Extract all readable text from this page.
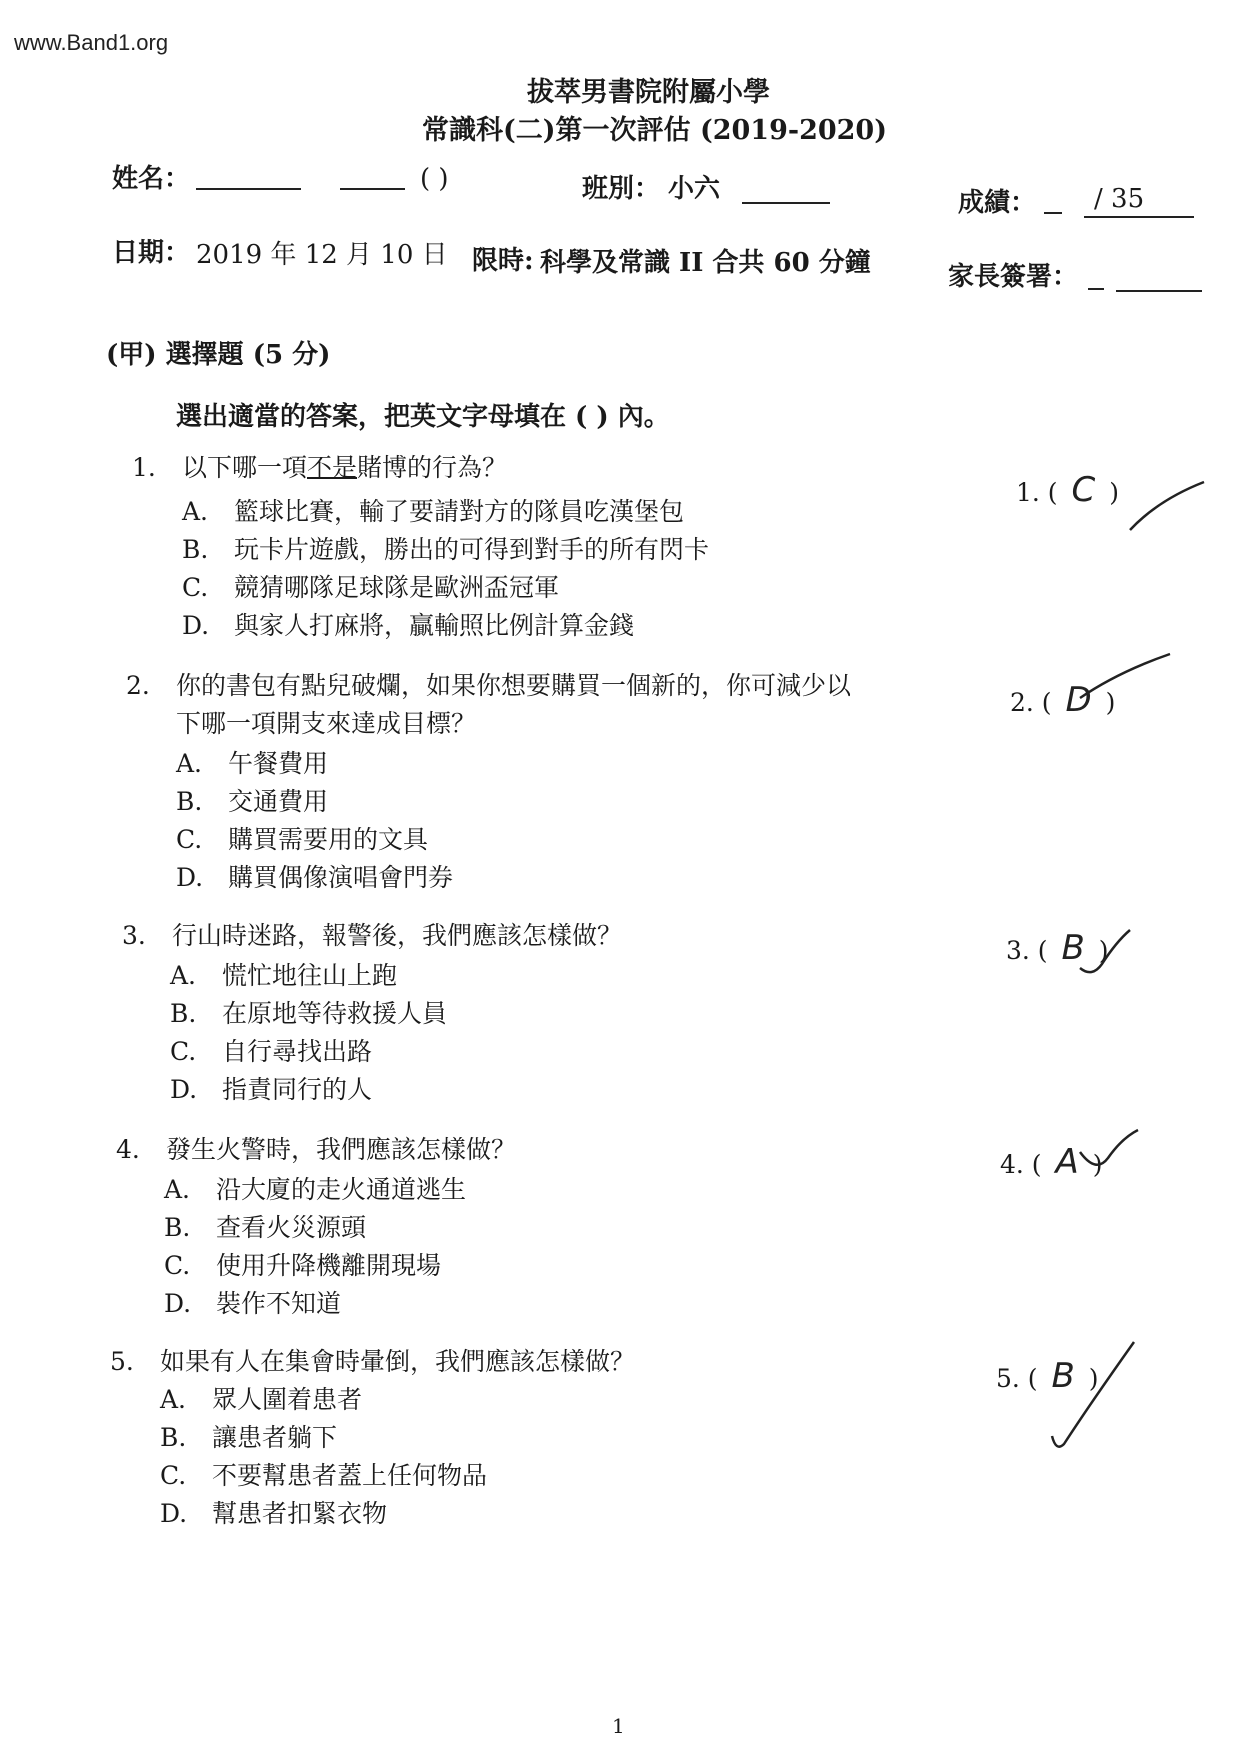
www.Band1.org
拔萃男書院附屬小學
常識科(二)第一次評估 (2019-2020)
姓名：	( )	班別： 小六	成績： / 35
日期： 2019 年 12 月 10 日 限時: 科學及常識 II 合共 60 分鐘	家長簽署：
(甲) 選擇題 (5 分)
選出適當的答案，把英文字母填在 ( ) 內。
1. 以下哪一項不是賭博的行為？
A. 籃球比賽，輸了要請對方的隊員吃漢堡包
B. 玩卡片遊戲，勝出的可得到對手的所有閃卡
C. 競猜哪隊足球隊是歐洲盃冠軍
D. 與家人打麻將，贏輸照比例計算金錢
1. ( C )
2. 你的書包有點兒破爛，如果你想要購買一個新的，你可減少以
下哪一項開支來達成目標？
A. 午餐費用
B. 交通費用
C. 購買需要用的文具
D. 購買偶像演唱會門券
2. ( D )
3. 行山時迷路，報警後，我們應該怎樣做？
A. 慌忙地往山上跑
B. 在原地等待救援人員
C. 自行尋找出路
D. 指責同行的人
3. ( B )
4. 發生火警時，我們應該怎樣做？
A. 沿大廈的走火通道逃生
B. 查看火災源頭
C. 使用升降機離開現場
D. 裝作不知道
4. ( A )
5. 如果有人在集會時暈倒，我們應該怎樣做？
A. 眾人圍着患者
B. 讓患者躺下
C. 不要幫患者蓋上任何物品
D. 幫患者扣緊衣物
5. ( B )
1
